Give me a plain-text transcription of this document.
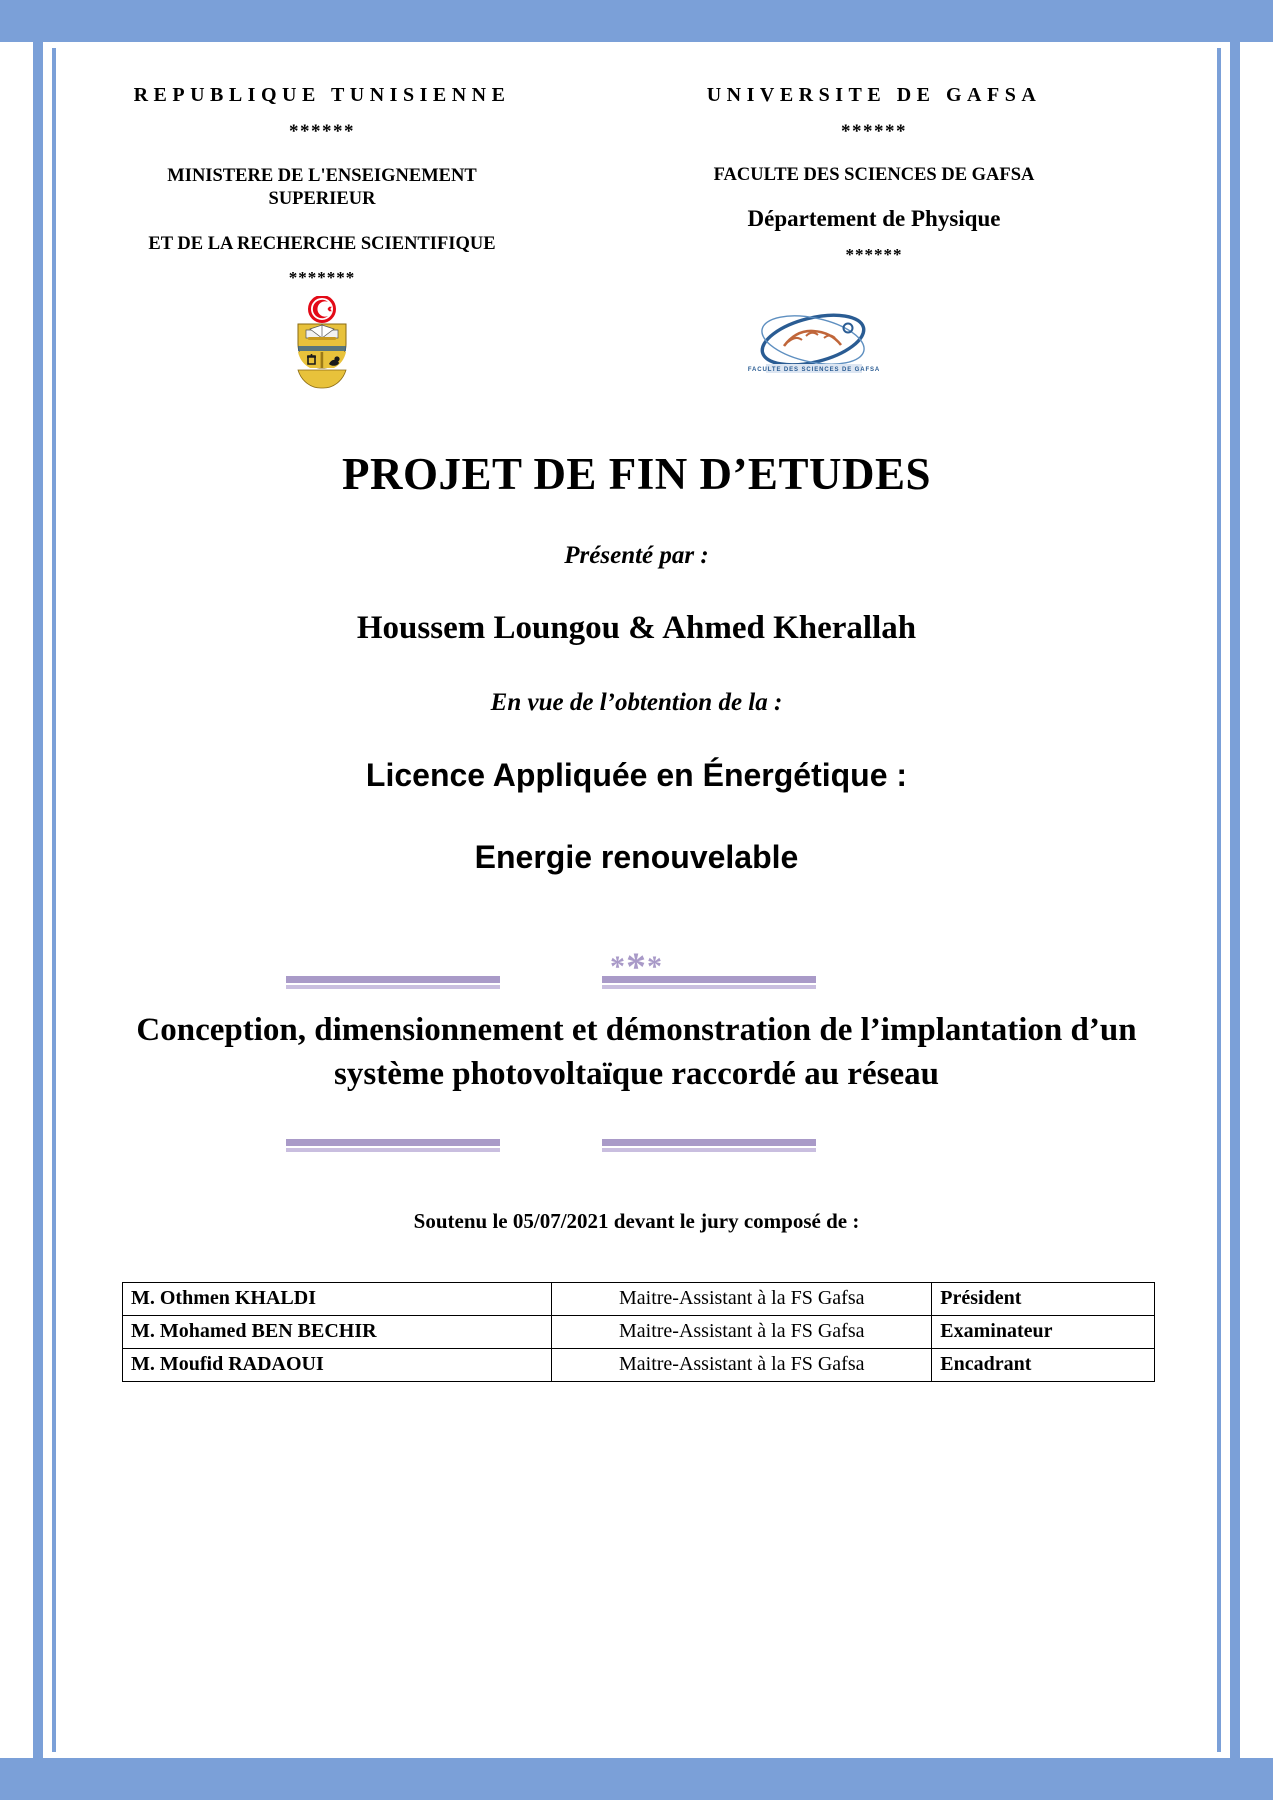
REPUBLIQUE TUNISIENNE
******
MINISTERE DE L'ENSEIGNEMENT
SUPERIEUR
ET DE LA RECHERCHE SCIENTIFIQUE
*******
UNIVERSITE DE GAFSA
******
FACULTE DES SCIENCES DE GAFSA
Département de Physique
******
FACULTE DES SCIENCES DE GAFSA
PROJET DE FIN D’ETUDES
Présenté par :
Houssem Loungou & Ahmed Kherallah
En vue de l’obtention de la :
Licence Appliquée en Énergétique :
Energie renouvelable
***
Conception, dimensionnement et démonstration de l’implantation d’un système photovoltaïque raccordé au réseau
Soutenu le 05/07/2021 devant le jury composé de :
M. Othmen KHALDI	Maitre-Assistant à la FS Gafsa	Président
M. Mohamed BEN BECHIR	Maitre-Assistant à la FS Gafsa	Examinateur
M. Moufid RADAOUI	Maitre-Assistant à la FS Gafsa	Encadrant
